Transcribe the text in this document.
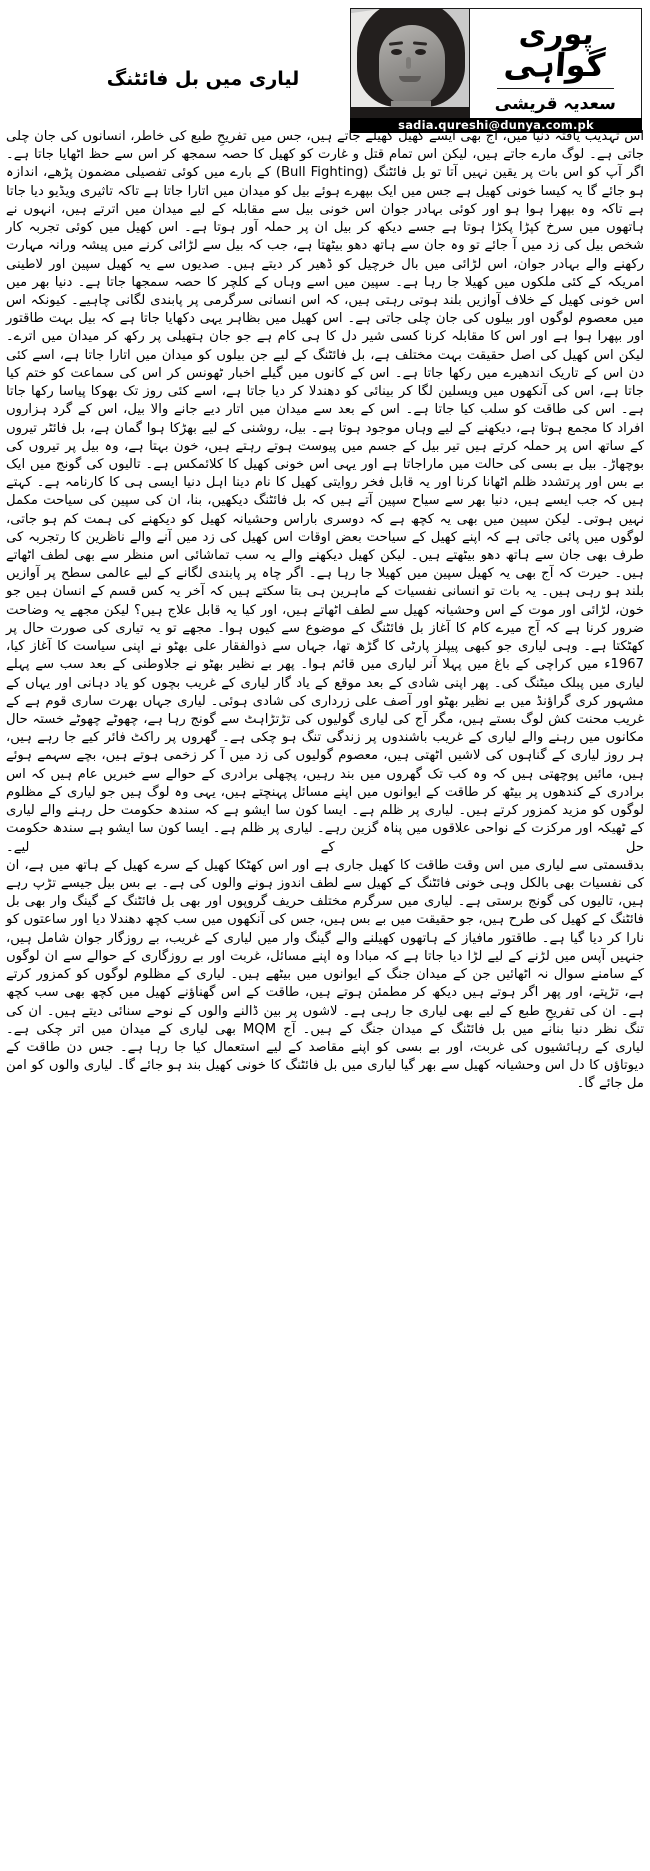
پوری
گواہی
سعدیہ قریشی
sadia.qureshi@dunya.com.pk
لیاری میں بل فائٹنگ

اس تہذیب یافتہ دنیا میں، آج بھی ایسے کھیل کھیلے جاتے ہیں، جس میں تفریحِ طبع کی خاطر، انسانوں کی جان چلی جاتی ہے۔ لوگ مارے جاتے ہیں، لیکن اس تمام قتل و غارت کو کھیل کا حصہ سمجھ کر اس سے حظ اٹھایا جاتا ہے۔ اگر آپ کو اس بات پر یقین نہیں آتا تو بل فائٹنگ (Bull Fighting) کے بارے میں کوئی تفصیلی مضمون پڑھے، اندازہ ہو جائے گا یہ کیسا خونی کھیل ہے جس میں ایک بپھرے ہوئے بیل کو میدان میں اتارا جاتا ہے تاکہ تاثیری ویڈیو دیا جاتا ہے تاکہ وہ بپھرا ہوا ہو اور کوئی بہادر جوان اس خونی بیل سے مقابلہ کے لیے میدان میں اترتے ہیں، انہوں نے ہاتھوں میں سرخ کپڑا پکڑا ہوتا ہے جسے دیکھ کر بیل ان پر حملہ آور ہوتا ہے۔ اس کھیل میں کوئی تجربہ کار شخص بیل کی زد میں آ جائے تو وہ جان سے ہاتھ دھو بیٹھتا ہے، جب کہ بیل سے لڑائی کرنے میں پیشہ ورانہ مہارت رکھنے والے بہادر جوان، اس لڑائی میں بال خرچیل کو ڈھیر کر دیتے ہیں۔ صدیوں سے یہ کھیل سپین اور لاطینی امریکہ کے کئی ملکوں میں کھیلا جا رہا ہے۔ سپین میں اسے وہاں کے کلچر کا حصہ سمجھا جاتا ہے۔ دنیا بھر میں اس خونی کھیل کے خلاف آوازیں بلند ہوتی رہتی ہیں، کہ اس انسانی سرگرمی پر پابندی لگانی چاہیے۔ کیونکہ اس میں معصوم لوگوں اور بیلوں کی جان چلی جاتی ہے۔ اس کھیل میں بظاہر یہی دکھایا جاتا ہے کہ بیل بہت طاقتور اور بپھرا ہوا ہے اور اس کا مقابلہ کرنا کسی شیر دل کا ہی کام ہے جو جان ہتھیلی پر رکھ کر میدان میں اترے۔ لیکن اس کھیل کی اصل حقیقت بہت مختلف ہے، بل فائٹنگ کے لیے جن بیلوں کو میدان میں اتارا جاتا ہے، اسے کئی دن اس کے تاریک اندھیرے میں رکھا جاتا ہے۔ اس کے کانوں میں گیلے اخبار ٹھونس کر اس کی سماعت کو ختم کیا جاتا ہے، اس کی آنکھوں میں ویسلین لگا کر بینائی کو دھندلا کر دیا جاتا ہے، اسے کئی روز تک بھوکا پیاسا رکھا جاتا ہے۔ اس کی طاقت کو سلب کیا جاتا ہے۔ اس کے بعد سے میدان میں اتار دیے جانے والا بیل، اس کے گرد ہزاروں افراد کا مجمع ہوتا ہے، دیکھنے کے لیے وہاں موجود ہوتا ہے۔ بیل، روشنی کے لیے بھڑکا ہوا گمان ہے، بل فائٹر تیروں کے ساتھ اس پر حملہ کرتے ہیں تیر بیل کے جسم میں پیوست ہوتے رہتے ہیں، خون بہتا ہے، وہ بیل پر تیروں کی بوچھاڑ۔ بیل بے بسی کی حالت میں ماراجاتا ہے اور یہی اس خونی کھیل کا کلائمکس ہے۔ تالیوں کی گونج میں ایک بے بس اور پرتشدد ظلم اٹھانا کرنا اور یہ قابل فخر روایتی کھیل کا نام دینا اہل دنیا ایسی ہی کا کارنامہ ہے۔ کہتے ہیں کہ جب ایسے ہیں، دنیا بھر سے سیاح سپین آتے ہیں کہ بل فائٹنگ دیکھیں، بنا، ان کی سپین کی سیاحت مکمل نہیں ہوتی۔ لیکن سپین میں بھی یہ کچھ ہے کہ دوسری باراس وحشیانہ کھیل کو دیکھنے کی ہمت کم ہو جاتی، لوگوں میں پائی جاتی ہے کہ اپنے کھیل کے سیاحت بعض اوقات اس کھیل کی زد میں آنے والے ناظرین کا رتجربہ کی طرف بھی جان سے ہاتھ دھو بیٹھتے ہیں۔ لیکن کھیل دیکھنے والے یہ سب تماشائی اس منظر سے بھی لطف اٹھاتے ہیں۔ حیرت کہ آج بھی یہ کھیل سپین میں کھیلا جا رہا ہے۔ اگر چاہ پر پابندی لگانے کے لیے عالمی سطح پر آوازیں بلند ہو رہی ہیں۔ یہ بات تو انسانی نفسیات کے ماہرین ہی بتا سکتے ہیں کہ آخر یہ کس قسم کے انسان ہیں جو خون، لڑائی اور موت کے اس وحشیانہ کھیل سے لطف اٹھاتے ہیں، اور کیا یہ قابل علاج ہیں؟ لیکن مجھے یہ وضاحت ضرور کرنا ہے کہ آج میرے کام کا آغاز بل فائٹنگ کے موضوع سے کیوں ہوا۔ مجھے تو یہ تیاری کی صورت حال پر کھٹکتا ہے۔ وہی لیاری جو کبھی پیپلز پارٹی کا گڑھ تھا، جہاں سے ذوالفقار علی بھٹو نے اپنی سیاست کا آغاز کیا، 1967ء میں کراچی کے باغ میں پہلا آنر لیاری میں قائم ہوا۔ پھر بے نظیر بھٹو نے جلاوطنی کے بعد سب سے پہلے لیاری میں پبلک میٹنگ کی۔ پھر اپنی شادی کے بعد موقع کے یاد گار لیاری کے غریب بچوں کو یاد دہانی اور یہاں کے مشہور کری گراؤنڈ میں بے نظیر بھٹو اور آصف علی زرداری کی شادی ہوئی۔ لیاری جہاں بھرت ساری قوم ہے کے غریب محنت کش لوگ بستے ہیں، مگر آج کی لیاری گولیوں کی تڑتڑاہٹ سے گونج رہا ہے، چھوٹے چھوٹے خستہ حال مکانوں میں رہنے والے لیاری کے غریب باشندوں پر زندگی تنگ ہو چکی ہے۔ گھروں پر راکٹ فائر کیے جا رہے ہیں، ہر روز لیاری کے گناہوں کی لاشیں اٹھتی ہیں، معصوم گولیوں کی زد میں آ کر زخمی ہوتے ہیں، بچے سہمے ہوئے ہیں، مائیں پوچھتی ہیں کہ وہ کب تک گھروں میں بند رہیں، پچھلی برادری کے حوالے سے خبریں عام ہیں کہ اس برادری کے کندھوں پر بیٹھ کر طاقت کے ایوانوں میں اپنے مسائل پہنچتے ہیں، یہی وہ لوگ ہیں جو لیاری کے مظلوم لوگوں کو مزید کمزور کرتے ہیں۔ لیاری پر ظلم ہے۔ ایسا کون سا ایشو ہے کہ سندھ حکومت حل رہنے والے لیاری کے ٹھیکہ اور مرکزت کے نواحی علاقوں میں پناہ گزین رہے۔ لیاری پر ظلم ہے۔ ایسا کون سا ایشو ہے سندھ حکومت حل کے لیے۔

بدقسمتی سے لیاری میں اس وقت طاقت کا کھیل جاری ہے اور اس کھٹکا کھیل کے سرے کھیل کے ہاتھ میں ہے، ان کی نفسیات بھی بالکل وہی خونی فائٹنگ کے کھیل سے لطف اندوز ہونے والوں کی ہے۔ بے بس بیل جیسے تڑپ رہے ہیں، تالیوں کی گونج برستی ہے۔ لیاری میں سرگرم مختلف حریف گروپوں اور بھی بل فائٹنگ کے گینگ وار بھی بل فائٹنگ کے کھیل کی طرح ہیں، جو حقیقت میں بے بس ہیں، جس کی آنکھوں میں سب کچھ دھندلا دیا اور ساعتوں کو نارا کر دیا گیا ہے۔ طاقتور مافیاز کے ہاتھوں کھیلنے والے گینگ وار میں لیاری کے غریب، بے روزگار جوان شامل ہیں، جنہیں آپس میں لڑنے کے لیے لڑا دیا جاتا ہے کہ مبادا وہ اپنے مسائل، غربت اور بے روزگاری کے حوالے سے ان لوگوں کے سامنے سوال نہ اٹھائیں جن کے میدان جنگ کے ایوانوں میں بیٹھے ہیں۔ لیاری کے مظلوم لوگوں کو کمزور کرتے ہے، تڑپتے، اور پھر اگر ہوتے ہیں دیکھ کر مطمئن ہوتے ہیں، طاقت کے اس گھناؤنے کھیل میں کچھ بھی سب کچھ ہے۔ ان کی تفریحِ طبع کے لیے بھی لیاری جا رہی ہے۔ لاشوں پر بین ڈالنے والوں کے نوحے سنائی دیتے ہیں۔ ان کی تنگ نظر دنیا بنانے میں بل فائٹنگ کے میدان جنگ کے ہیں۔ آج MQM بھی لیاری کے میدان میں اتر چکی ہے۔

لیاری کے رہائشیوں کی غربت، اور بے بسی کو اپنے مقاصد کے لیے استعمال کیا جا رہا ہے۔ جس دن طاقت کے دیوتاؤں کا دل اس وحشیانہ کھیل سے بھر گیا لیاری میں بل فائٹنگ کا خونی کھیل بند ہو جائے گا۔ لیاری والوں کو امن مل جائے گا۔
